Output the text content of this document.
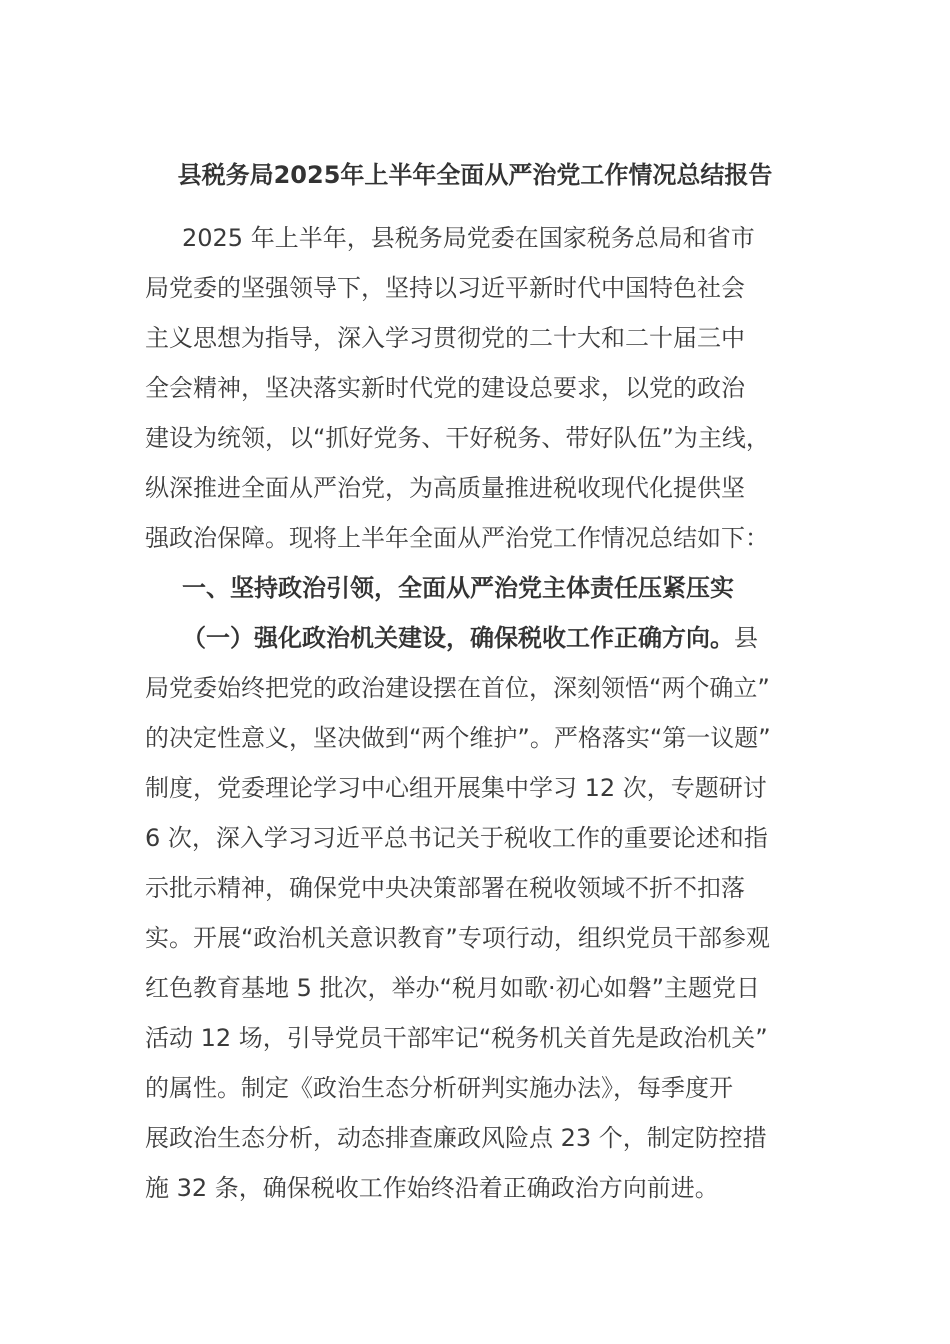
县税务局2025年上半年全面从严治党工作情况总结报告
2025 年上半年，县税务局党委在国家税务总局和省市
局党委的坚强领导下，坚持以习近平新时代中国特色社会
主义思想为指导，深入学习贯彻党的二十大和二十届三中
全会精神，坚决落实新时代党的建设总要求，以党的政治
建设为统领，以“抓好党务、干好税务、带好队伍”为主线，
纵深推进全面从严治党，为高质量推进税收现代化提供坚
强政治保障。现将上半年全面从严治党工作情况总结如下：
一、坚持政治引领，全面从严治党主体责任压紧压实
（一）强化政治机关建设，确保税收工作正确方向。县
局党委始终把党的政治建设摆在首位，深刻领悟“两个确立”
的决定性意义，坚决做到“两个维护”。严格落实“第一议题”
制度，党委理论学习中心组开展集中学习 12 次，专题研讨
6 次，深入学习习近平总书记关于税收工作的重要论述和指
示批示精神，确保党中央决策部署在税收领域不折不扣落
实。开展“政治机关意识教育”专项行动，组织党员干部参观
红色教育基地 5 批次，举办“税月如歌·初心如磐”主题党日
活动 12 场，引导党员干部牢记“税务机关首先是政治机关”
的属性。制定《政治生态分析研判实施办法》，每季度开
展政治生态分析，动态排查廉政风险点 23 个，制定防控措
施 32 条，确保税收工作始终沿着正确政治方向前进。
